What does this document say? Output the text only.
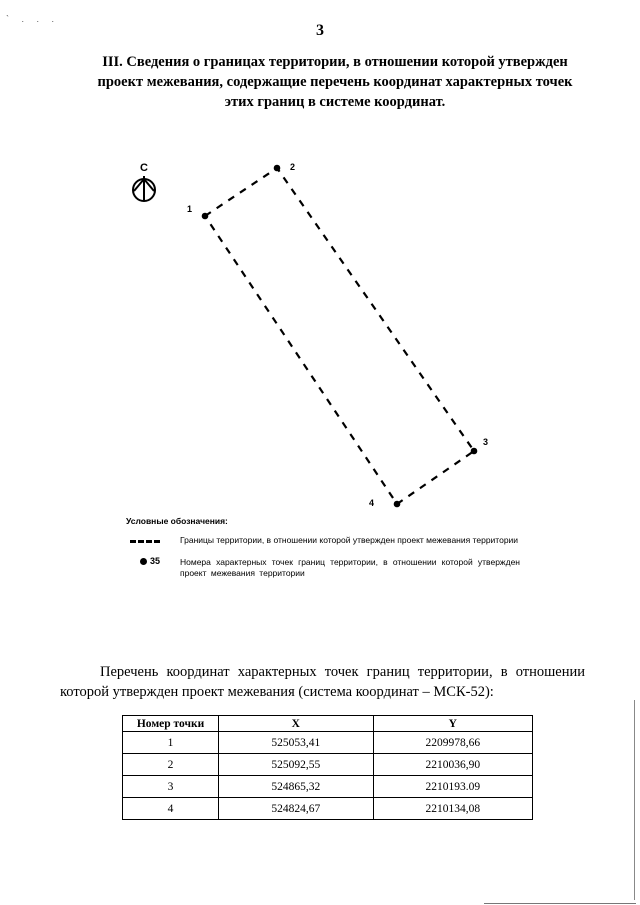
` . . .
3
III. Сведения о границах территории, в отношении которой утвержден
проект межевания, содержащие перечень координат характерных точек
этих границ в системе координат.
С
1
2
3
4
Условные обозначения:
Границы территории, в отношении которой утвержден проект межевания территории
35 Номера характерных точек границ территории, в отношении которой утвержден проект межевания территории
Перечень координат характерных точек границ территории, в отношении которой утвержден проект межевания (система координат – МСК-52):
Номер точки	X	Y
1	525053,41	2209978,66
2	525092,55	2210036,90
3	524865,32	2210193.09
4	524824,67	2210134,08
